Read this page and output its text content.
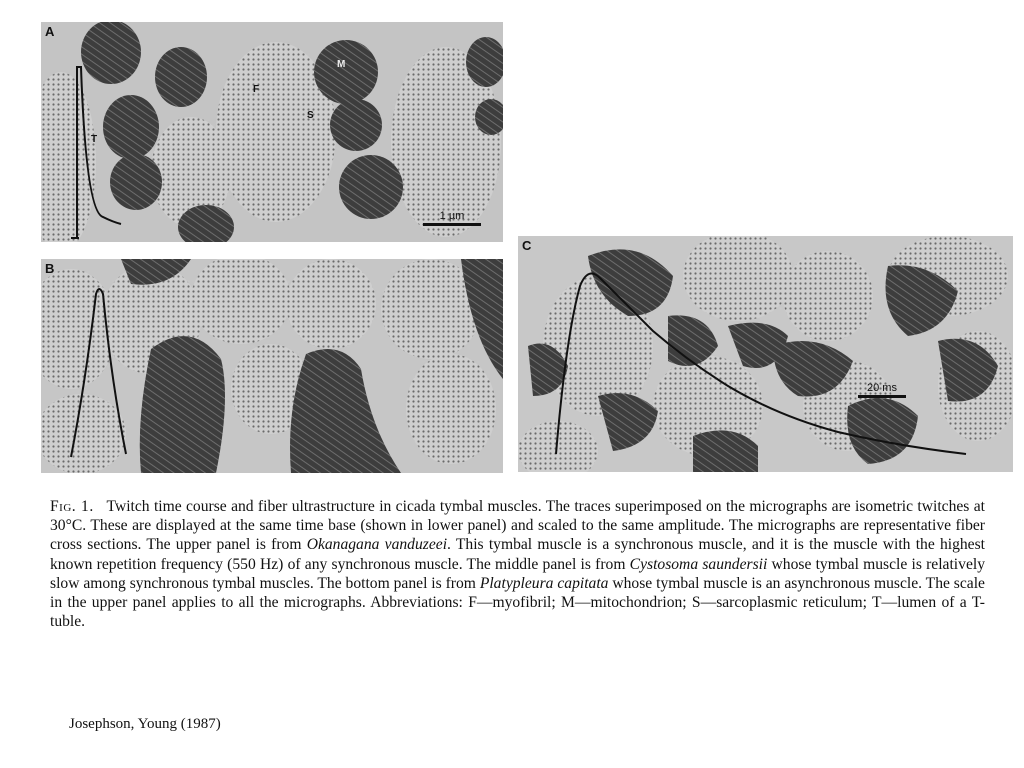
A
M
F
S
T
1 µm
B
C
20 ms

Fig. 1. Twitch time course and fiber ultrastructure in cicada tymbal muscles. The traces superimposed on the micrographs are isometric twitches at 30°C. These are displayed at the same time base (shown in lower panel) and scaled to the same amplitude. The micrographs are representative fiber cross sections. The upper panel is from Okanagana vanduzeei. This tymbal muscle is a synchronous muscle, and it is the muscle with the highest known repetition frequency (550 Hz) of any synchronous muscle. The middle panel is from Cystosoma saundersii whose tymbal muscle is relatively slow among synchronous tymbal muscles. The bottom panel is from Platypleura capitata whose tymbal muscle is an asynchronous muscle. The scale in the upper panel applies to all the micrographs. Abbreviations: F—myofibril; M—mitochondrion; S—sarcoplasmic reticulum; T—lumen of a T-tuble.

Josephson, Young (1987)
